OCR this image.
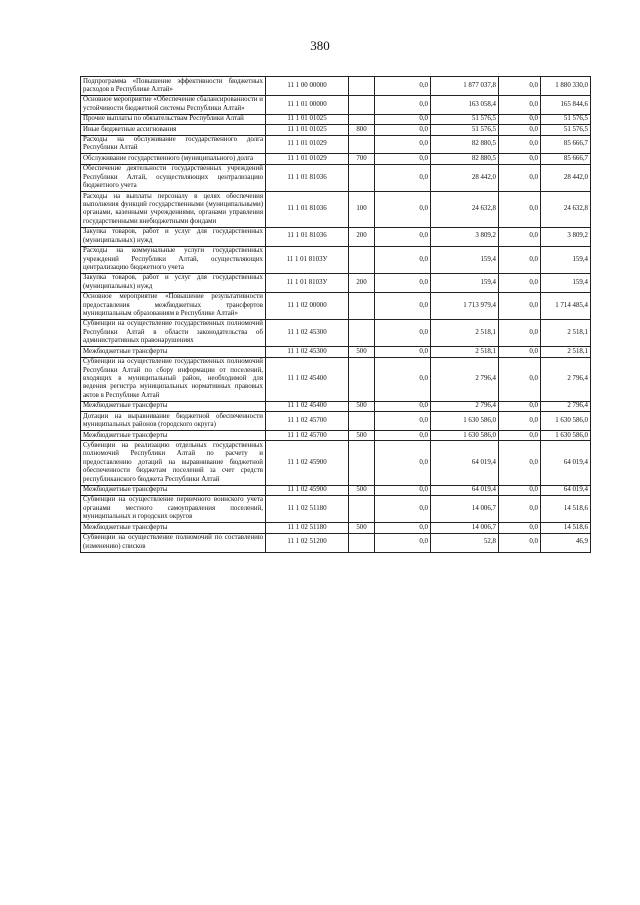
380
Подпрограмма «Повышение эффективности бюджетных расходов в Республике Алтай»	11 1 00 00000		0,0	1 877 037,8	0,0	1 880 330,0
Основное мероприятие «Обеспечение сбалансированности и устойчивости бюджетной системы Республики Алтай»	11 1 01 00000		0,0	163 058,4	0,0	165 844,6
Прочие выплаты по обязательствам Республики Алтай	11 1 01 01025		0,0	51 576,5	0,0	51 576,5
Иные бюджетные ассигнования	11 1 01 01025	800	0,0	51 576,5	0,0	51 576,5
Расходы на обслуживание государственного долга Республики Алтай	11 1 01 01029		0,0	82 880,5	0,0	85 666,7
Обслуживание государственного (муниципального) долга	11 1 01 01029	700	0,0	82 880,5	0,0	85 666,7
Обеспечение деятельности государственных учреждений Республики Алтай, осуществляющих централизацию бюджетного учета	11 1 01 81036		0,0	28 442,0	0,0	28 442,0
Расходы на выплаты персоналу в целях обеспечения выполнения функций государственными (муниципальными) органами, казенными учреждениями, органами управления государственными внебюджетными фондами	11 1 01 81036	100	0,0	24 632,8	0,0	24 632,8
Закупка товаров, работ и услуг для государственных (муниципальных) нужд	11 1 01 81036	200	0,0	3 809,2	0,0	3 809,2
Расходы на коммунальные услуги государственных учреждений Республики Алтай, осуществляющих централизацию бюджетного учета	11 1 01 8103У		0,0	159,4	0,0	159,4
Закупка товаров, работ и услуг для государственных (муниципальных) нужд	11 1 01 8103У	200	0,0	159,4	0,0	159,4
Основное мероприятие «Повышение результативности предоставления межбюджетных трансфертов муниципальным образованиям в Республике Алтай»	11 1 02 00000		0,0	1 713 979,4	0,0	1 714 485,4
Субвенции на осуществление государственных полномочий Республики Алтай в области законодательства об административных правонарушениях	11 1 02 45300		0,0	2 518,1	0,0	2 518,1
Межбюджетные трансферты	11 1 02 45300	500	0,0	2 518,1	0,0	2 518,1
Субвенции на осуществление государственных полномочий Республики Алтай по сбору информации от поселений, входящих в муниципальный район, необходимой для ведения регистра муниципальных нормативных правовых актов в Республике Алтай	11 1 02 45400		0,0	2 796,4	0,0	2 796,4
Межбюджетные трансферты	11 1 02 45400	500	0,0	2 796,4	0,0	2 796,4
Дотации на выравнивание бюджетной обеспеченности муниципальных районов (городского округа)	11 1 02 45700		0,0	1 630 586,0	0,0	1 630 586,0
Межбюджетные трансферты	11 1 02 45700	500	0,0	1 630 586,0	0,0	1 630 586,0
Субвенции на реализацию отдельных государственных полномочий Республики Алтай по расчету и предоставлению дотаций на выравнивание бюджетной обеспеченности бюджетам поселений за счет средств республиканского бюджета Республики Алтай	11 1 02 45900		0,0	64 019,4	0,0	64 019,4
Межбюджетные трансферты	11 1 02 45900	500	0,0	64 019,4	0,0	64 019,4
Субвенции на осуществление первичного воинского учета органами местного самоуправления поселений, муниципальных и городских округов	11 1 02 51180		0,0	14 006,7	0,0	14 518,6
Межбюджетные трансферты	11 1 02 51180	500	0,0	14 006,7	0,0	14 518,6
Субвенции на осуществление полномочий по составлению (изменению) списков	11 1 02 51200		0,0	52,8	0,0	46,9
